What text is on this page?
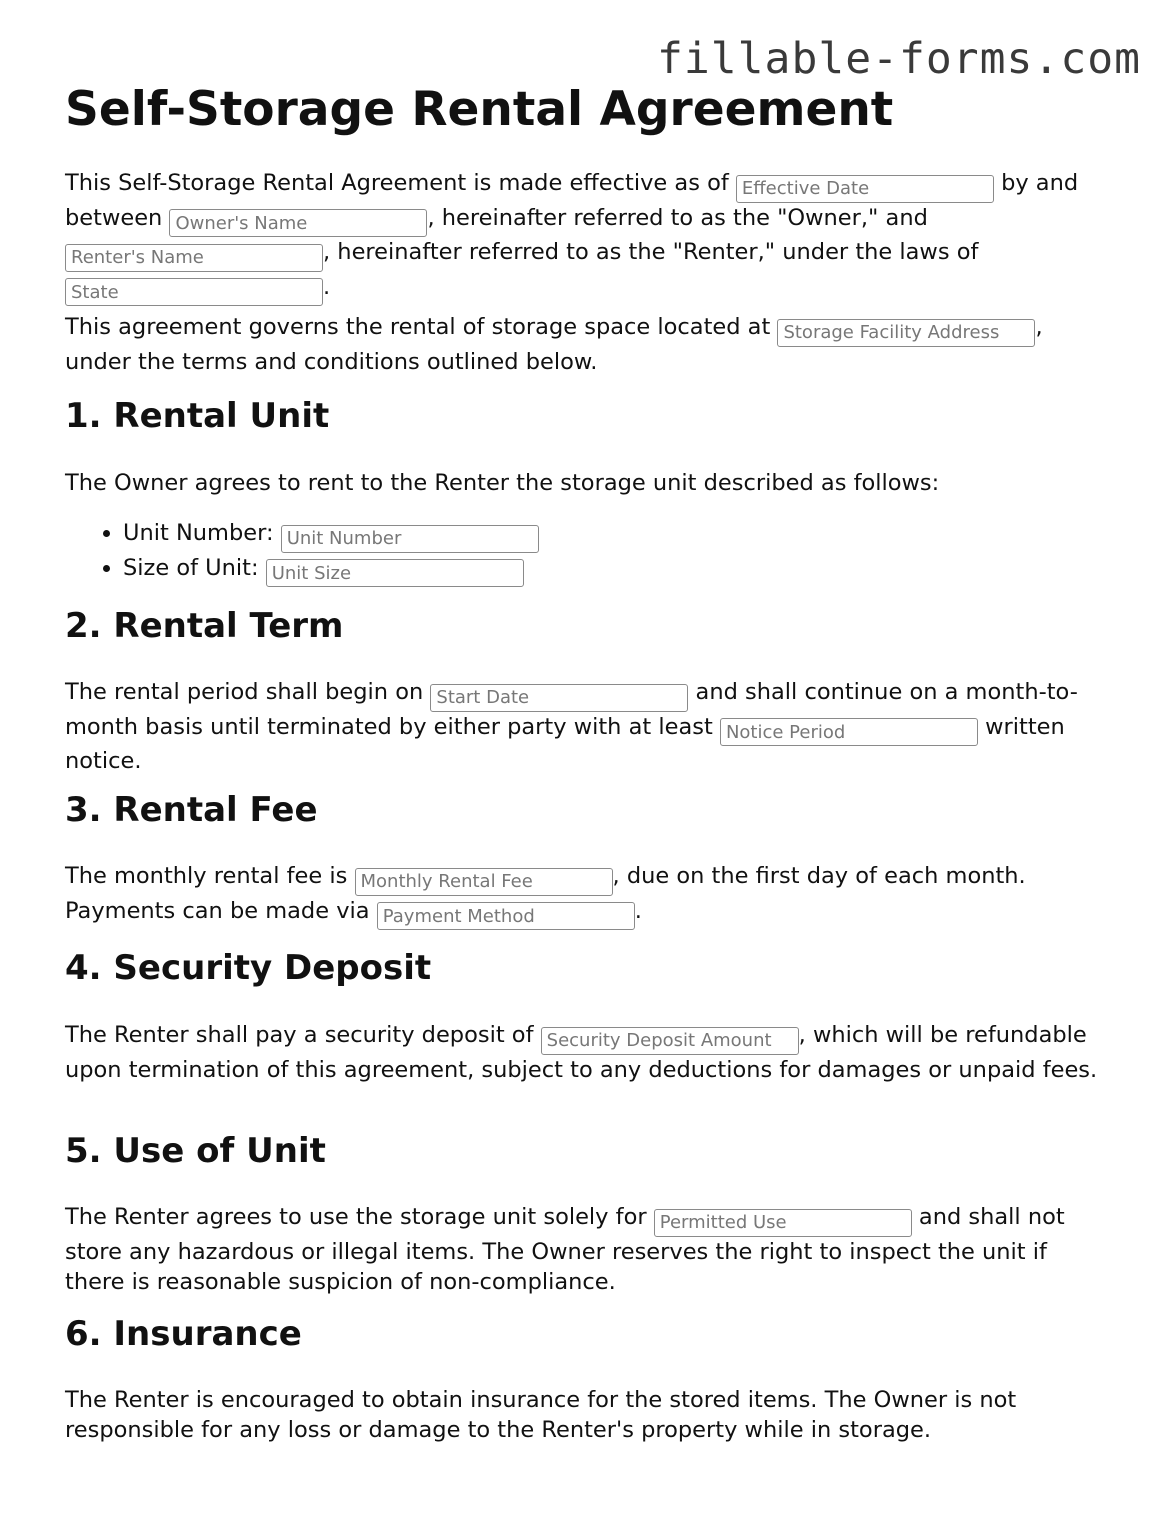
fillable-forms.com
Self-Storage Rental Agreement
This Self-Storage Rental Agreement is made effective as of Effective Date	by and between Owner's Name	, hereinafter referred to as the "Owner," and Renter's Name, hereinafter referred to as the "Renter," under the laws of State.
This agreement governs the rental of storage space located at Storage Facility Address	, under the terms and conditions outlined below.
1. Rental Unit
The Owner agrees to rent to the Renter the storage unit described as follows:
• Unit Number: Unit Number
• Size of Unit: Unit Size
2. Rental Term
The rental period shall begin on Start Date	and shall continue on a month-to-month basis until terminated by either party with at least Notice Period	written notice.
3. Rental Fee
The monthly rental fee is Monthly Rental Fee	, due on the first day of each month. Payments can be made via Payment Method	.
4. Security Deposit
The Renter shall pay a security deposit of Security Deposit Amount	, which will be refundable upon termination of this agreement, subject to any deductions for damages or unpaid fees.
5. Use of Unit
The Renter agrees to use the storage unit solely for Permitted Use	and shall not store any hazardous or illegal items. The Owner reserves the right to inspect the unit if there is reasonable suspicion of non-compliance.
6. Insurance
The Renter is encouraged to obtain insurance for the stored items. The Owner is not responsible for any loss or damage to the Renter's property while in storage.
